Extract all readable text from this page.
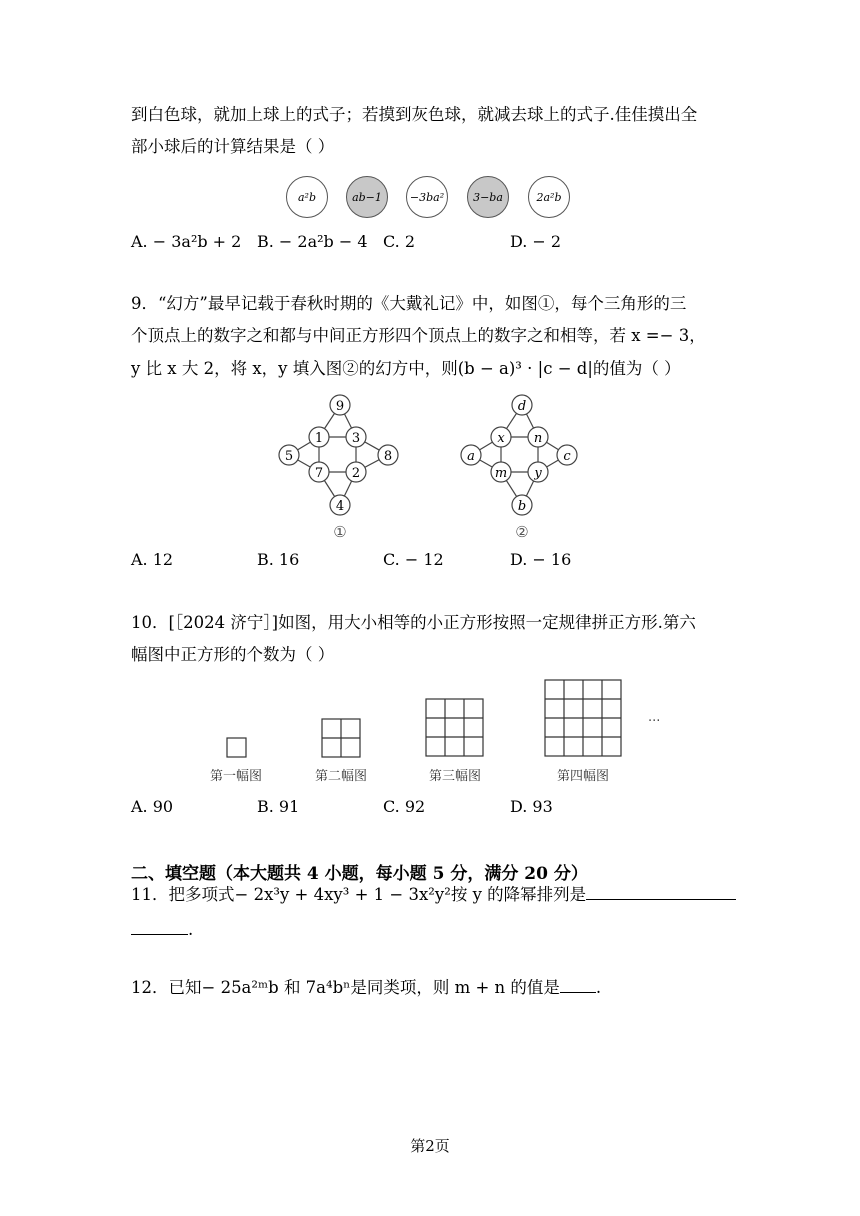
到白色球，就加上球上的式子；若摸到灰色球，就减去球上的式子.佳佳摸出全
部小球后的计算结果是（ ）
a²b	ab−1	−3ba²	3−ba	2a²b
A. − 3a²b + 2 B. − 2a²b − 4 C. 2	D. − 2
9．“幻方”最早记载于春秋时期的《大戴礼记》中，如图①，每个三角形的三
个顶点上的数字之和都与中间正方形四个顶点上的数字之和相等，若 x =− 3，
y 比 x 大 2，将 x，y 填入图②的幻方中，则(b − a)³ · |c − d|的值为（ ）
9
1 3
5	8
7 2
4
①
d
x n
a	c
m y
b
②
A. 12	B. 16	C. − 12	D. − 16
10．[［2024 济宁］]如图，用大小相等的小正方形按照一定规律拼正方形.第六
幅图中正方形的个数为（ ）
···
第一幅图	第二幅图	第三幅图	第四幅图
A. 90	B. 91	C. 92	D. 93
二、填空题（本大题共 4 小题，每小题 5 分，满分 20 分）
11．把多项式− 2x³y + 4xy³ + 1 − 3x²y²按 y 的降幂排列是
.
12．已知− 25a²ᵐb 和 7a⁴bⁿ是同类项，则 m + n 的值是 .
第2页
